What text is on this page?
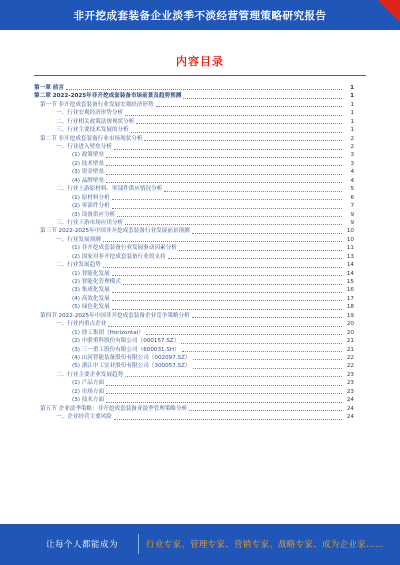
非开挖成套装备企业淡季不淡经营管理策略研究报告
内容目录
第一章 前言	1
第二章 2022-2025年非开挖成套装备市场前景及趋势预测	1
第一节 非开挖成套装备行业发展宏观经济形势	1
一、行业宏观经济形势分析	1
二、行业相关政策法规现状分析	1
三、行业主要技术发展的分析	1
第二节 非开挖成套装备行业市场现状分析	2
一、行业进入壁垒分析	2
(1) 政策壁垒	3
(2) 技术壁垒	3
(3) 资金壁垒	4
(4) 品牌壁垒	4
二、行业上游原材料、零部件供应情况分析	5
(1) 原材料分析	6
(2) 零部件分析	7
(3) 设备供应分析	9
三、行业下游市场应用分析	9
第三节 2022-2025年中国非开挖成套装备行业发展前景预测	10
一、行业发展预测	10
(1) 非开挖成套装备行业发展驱动因素分析	11
(2) 国家对非开挖成套装备行业的支持	13
二、行业发展趋势	14
(1) 智能化发展	14
(2) 智能化管理模式	15
(3) 集成化发展	16
(4) 高效化发展	17
(5) 绿色化发展	18
第四节 2022-2025年中国非开挖成套装备企业竞争策略分析	19
一、行业内重点企业	20
(1) 徐工集团（Horizontal）	20
(2) 中联重科股份有限公司（000157.SZ）	21
(3) 三一重工股份有限公司（600031.SH）	21
(4) 山河智能装备股份有限公司（002097.SZ）	22
(5) 浙江中工实业股份有限公司（300057.SZ）	22
二、行业主要企业发展趋势	23
(1) 产品方面	23
(2) 市场方面	23
(3) 技术方面	24
第五节 企业淡季策略：非开挖成套装备业淡季管理策略分析	24
一、企业经营主要风险	24
让每个人都能成为	行业专家、管理专家、营销专家、战略专家、成为企业家……
